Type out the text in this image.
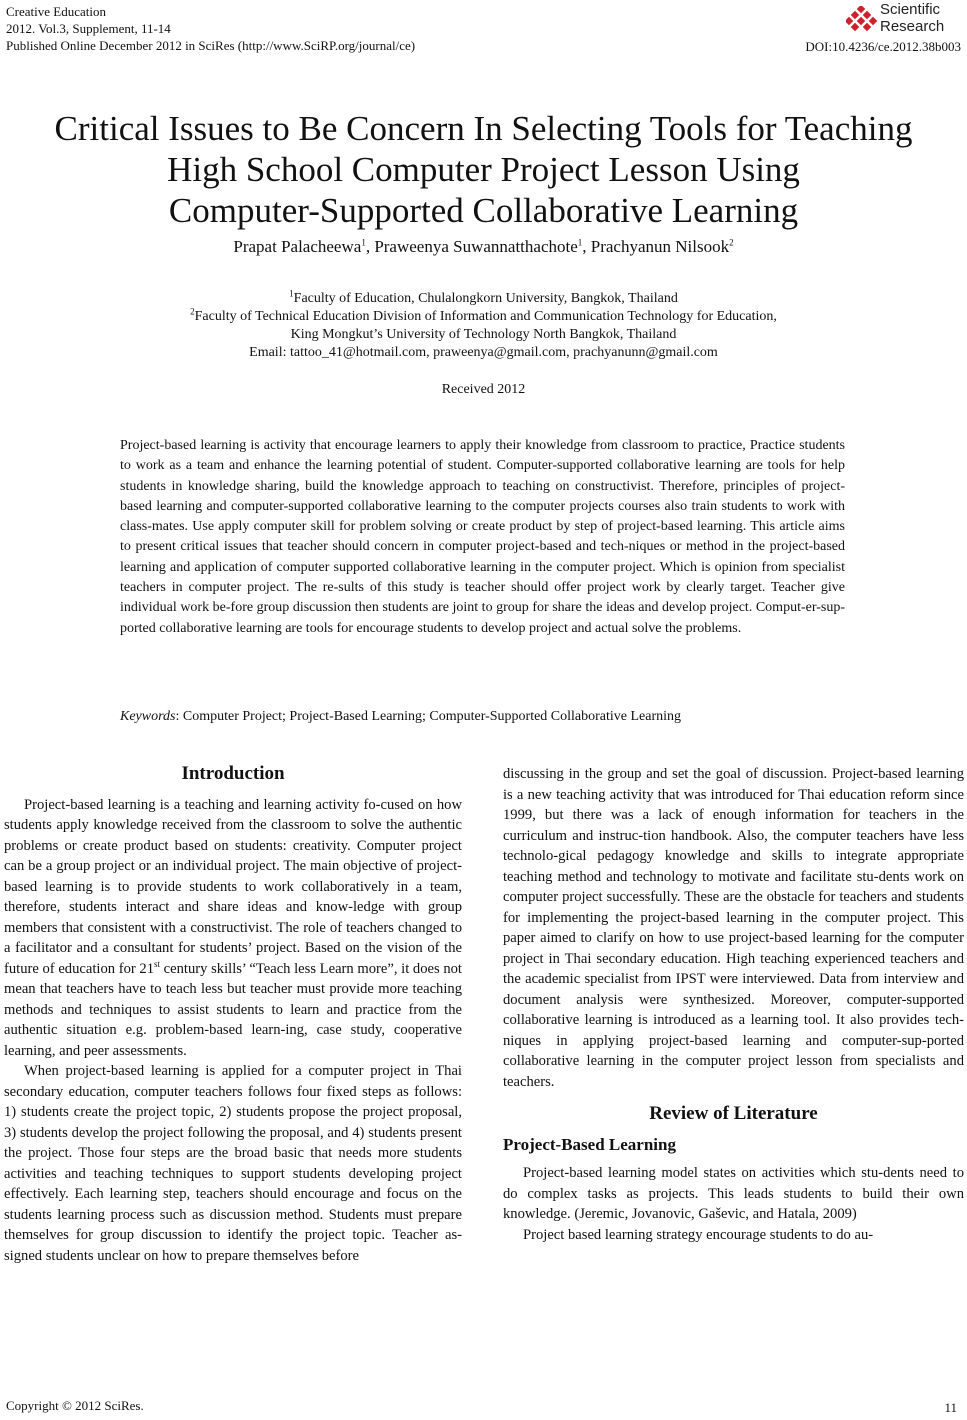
Creative Education
2012. Vol.3, Supplement, 11-14
Published Online December 2012 in SciRes (http://www.SciRP.org/journal/ce)	DOI:10.4236/ce.2012.38b003
Scientific
Research
Critical Issues to Be Concern In Selecting Tools for Teaching
High School Computer Project Lesson Using
Computer-Supported Collaborative Learning
Prapat Palacheewa$^1$, Praweenya Suwannatthachote$^1$, Prachyanun Nilsook$^2$
$^1$Faculty of Education, Chulalongkorn University, Bangkok, Thailand
$^2$Faculty of Technical Education Division of Information and Communication Technology for Education,
King Mongkut’s University of Technology North Bangkok, Thailand
Email: tattoo_41@hotmail.com, praweenya@gmail.com, prachyanunn@gmail.com
Received 2012
Project-based learning is activity that encourage learners to apply their knowledge from classroom to practice, Practice students to work as a team and enhance the learning potential of student. Computer-supported collaborative learning are tools for help students in knowledge sharing, build the knowledge approach to teaching on constructivist. Therefore, principles of project-based learning and computer-supported collaborative learning to the computer projects courses also train students to work with class-mates. Use apply computer skill for problem solving or create product by step of project-based learning. This article aims to present critical issues that teacher should concern in computer project-based and tech-niques or method in the project-based learning and application of computer supported collaborative learning in the computer project. Which is opinion from specialist teachers in computer project. The re-sults of this study is teacher should offer project work by clearly target. Teacher give individual work be-fore group discussion then students are joint to group for share the ideas and develop project. Comput-er-sup- ported collaborative learning are tools for encourage students to develop project and actual solve the problems.
Keywords: Computer Project; Project-Based Learning; Computer-Supported Collaborative Learning
Introduction

Project-based learning is a teaching and learning activity fo-cused on how students apply knowledge received from the classroom to solve the authentic problems or create product based on students: creativity. Computer project can be a group project or an individual project. The main objective of project-based learning is to provide students to work collaboratively in a team, therefore, students interact and share ideas and know-ledge with group members that consistent with a constructivist. The role of teachers changed to a facilitator and a consultant for students’ project. Based on the vision of the future of education for 21st century skills’ “Teach less Learn more”, it does not mean that teachers have to teach less but teacher must provide more teaching methods and techniques to assist students to learn and practice from the authentic situation e.g. problem-based learn-ing, case study, cooperative learning, and peer assessments.

When project-based learning is applied for a computer project in Thai secondary education, computer teachers follows four fixed steps as follows: 1) students create the project topic, 2) students propose the project proposal, 3) students develop the project following the proposal, and 4) students present the project. Those four steps are the broad basic that needs more students activities and teaching techniques to support students developing project effectively. Each learning step, teachers should encourage and focus on the students learning process such as discussion method. Students must prepare themselves for group discussion to identify the project topic. Teacher as-signed students unclear on how to prepare themselves before

discussing in the group and set the goal of discussion. Project-based learning is a new teaching activity that was introduced for Thai education reform since 1999, but there was a lack of enough information for teachers in the curriculum and instruc-tion handbook. Also, the computer teachers have less technolo-gical pedagogy knowledge and skills to integrate appropriate teaching method and technology to motivate and facilitate stu-dents work on computer project successfully. These are the obstacle for teachers and students for implementing the project-based learning in the computer project. This paper aimed to clarify on how to use project-based learning for the computer project in Thai secondary education. High teaching experienced teachers and the academic specialist from IPST were interviewed. Data from interview and document analysis were synthesized. Moreover, computer-supported collaborative learning is introduced as a learning tool. It also provides tech-niques in applying project-based learning and computer-sup-ported collaborative learning in the computer project lesson from specialists and teachers.

Review of Literature
Project-Based Learning

Project-based learning model states on activities which stu-dents need to do complex tasks as projects. This leads students to build their own knowledge. (Jeremic, Jovanovic, Gaševic, and Hatala, 2009)

Project based learning strategy encourage students to do au-

Copyright © 2012 SciRes.	11
